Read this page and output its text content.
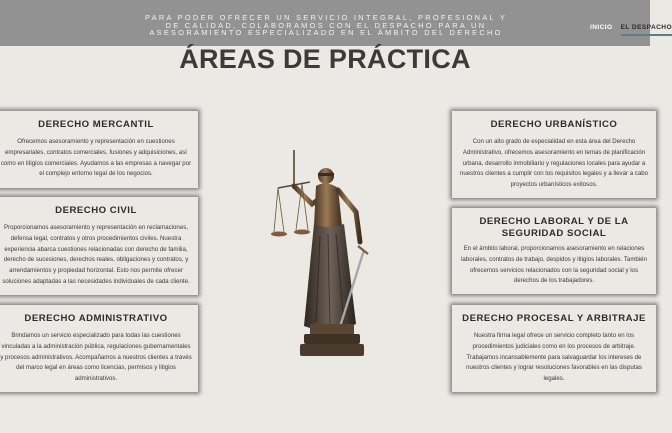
PARA PODER OFRECER UN SERVICIO INTEGRAL, PROFESIONAL Y
DE CALIDAD, COLABORAMOS CON EL DESPACHO PARA UN
ASESORAMIENTO ESPECIALIZADO EN EL ÁMBITO DEL DERECHO
INICIO EL DESPACHO
ÁREAS DE PRÁCTICA
DERECHO MERCANTIL

Ofrecemos asesoramiento y representación en cuestiones
empresariales, contratos comerciales, fusiones y adquisiciones, así
como en litigios comerciales. Ayudamos a las empresas a navegar por
el complejo entorno legal de los negocios.

DERECHO CIVIL

Proporcionamos asesoramiento y representación en reclamaciones,
defensa legal, contratos y otros procedimientos civiles. Nuestra
experiencia abarca cuestiones relacionadas con derecho de familia,
derecho de sucesiones, derechos reales, obligaciones y contratos, y
arrendamientos y propiedad horizontal. Esto nos permite ofrecer
soluciones adaptadas a las necesidades individuales de cada cliente.

DERECHO ADMINISTRATIVO

Brindamos un servicio especializado para todas las cuestiones
vinculadas a la administración pública, regulaciones gubernamentales
y procesos administrativos. Acompañamos a nuestros clientes a través
del marco legal en áreas como licencias, permisos y litigios
administrativos.

DERECHO URBANÍSTICO

Con un alto grado de especialidad en esta área del Derecho
Administrativo, ofrecemos asesoramiento en temas de planificación
urbana, desarrollo inmobiliario y regulaciones locales para ayudar a
nuestros clientes a cumplir con los requisitos legales y a llevar a cabo
proyectos urbanísticos exitosos.

DERECHO LABORAL Y DE LA
SEGURIDAD SOCIAL

En el ámbito laboral, proporcionamos asesoramiento en relaciones
laborales, contratos de trabajo, despidos y litigios laborales. También
ofrecemos servicios relacionados con la seguridad social y los
derechos de los trabajadores.

DERECHO PROCESAL Y ARBITRAJE

Nuestra firma legal ofrece un servicio completo tanto en los
procedimientos judiciales como en los procesos de arbitraje.
Trabajamos incansablemente para salvaguardar los intereses de
nuestros clientes y lograr resoluciones favorables en las disputas
legales.
